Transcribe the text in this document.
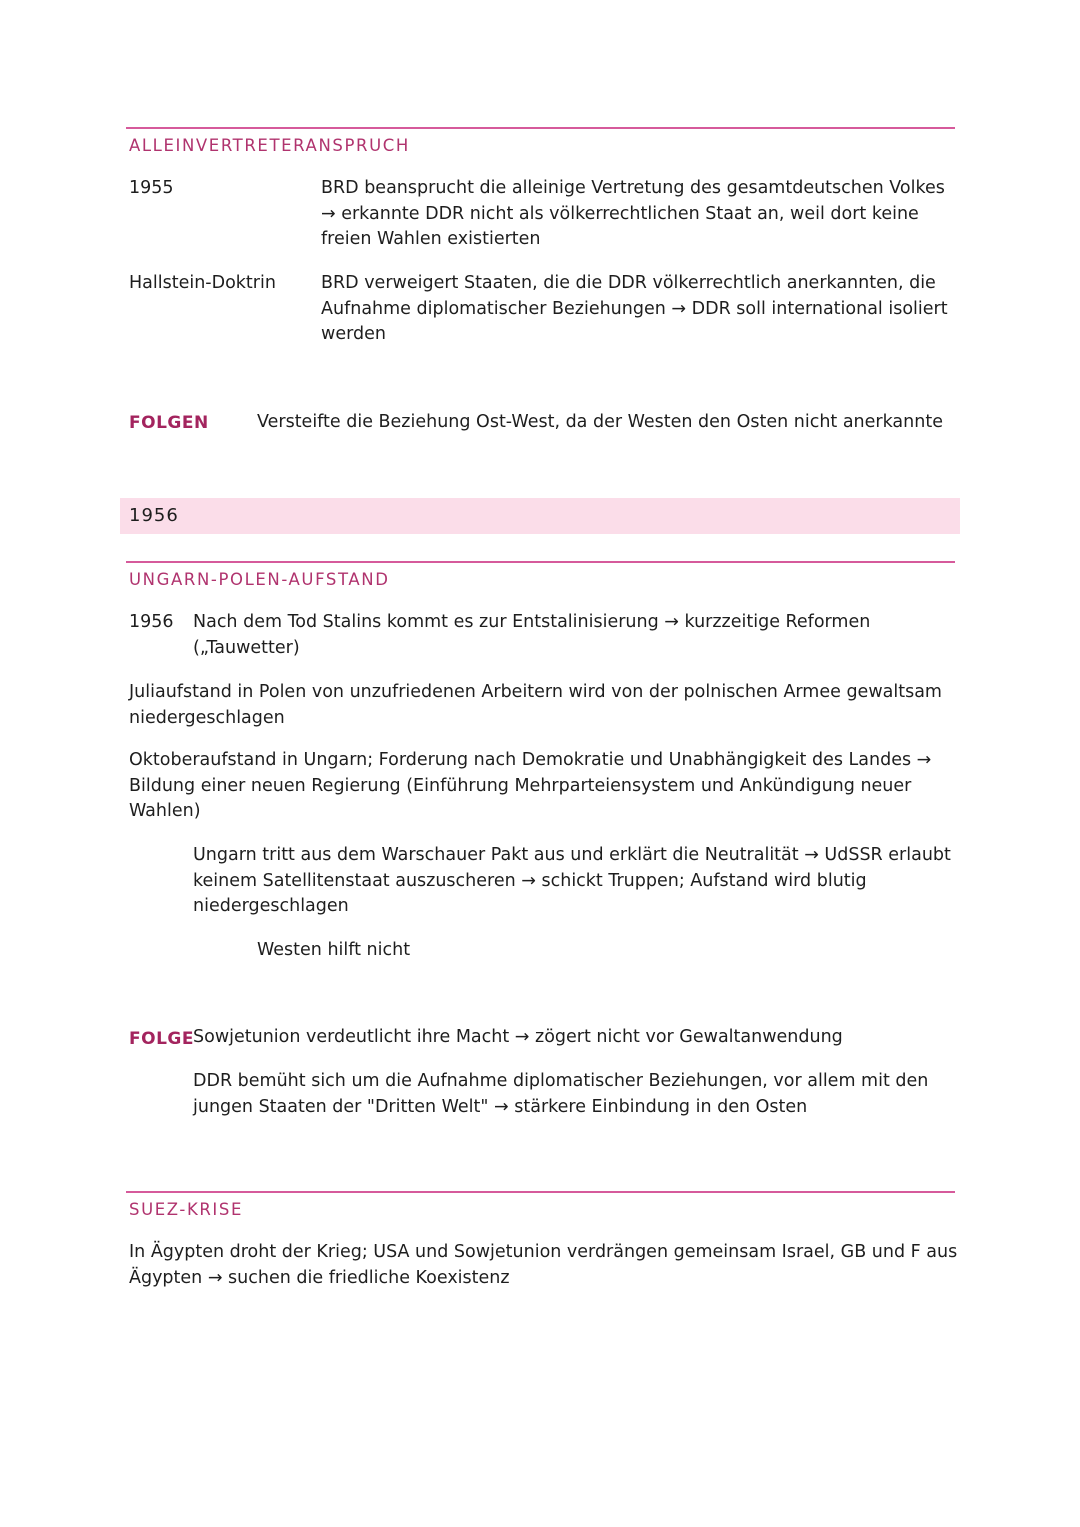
ALLEINVERTRETERANSPRUCH
1955	BRD beansprucht die alleinige Vertretung des gesamtdeutschen Volkes
→ erkannte DDR nicht als völkerrechtlichen Staat an, weil dort keine
freien Wahlen existierten
Hallstein-Doktrin	BRD verweigert Staaten, die die DDR völkerrechtlich anerkannten, die
Aufnahme diplomatischer Beziehungen → DDR soll international isoliert
werden
FOLGEN	Versteifte die Beziehung Ost-West, da der Westen den Osten nicht anerkannte
1956
UNGARN-POLEN-AUFSTAND
1956 Nach dem Tod Stalins kommt es zur Entstalinisierung → kurzzeitige Reformen
(„Tauwetter)
Juliaufstand in Polen von unzufriedenen Arbeitern wird von der polnischen Armee gewaltsam
niedergeschlagen
Oktoberaufstand in Ungarn; Forderung nach Demokratie und Unabhängigkeit des Landes →
Bildung einer neuen Regierung (Einführung Mehrparteiensystem und Ankündigung neuer
Wahlen)
Ungarn tritt aus dem Warschauer Pakt aus und erklärt die Neutralität → UdSSR erlaubt
keinem Satellitenstaat auszuscheren → schickt Truppen; Aufstand wird blutig
niedergeschlagen
Westen hilft nicht
FOLGE Sowjetunion verdeutlicht ihre Macht → zögert nicht vor Gewaltanwendung
DDR bemüht sich um die Aufnahme diplomatischer Beziehungen, vor allem mit den
jungen Staaten der "Dritten Welt" → stärkere Einbindung in den Osten
SUEZ-KRISE
In Ägypten droht der Krieg; USA und Sowjetunion verdrängen gemeinsam Israel, GB und F aus
Ägypten → suchen die friedliche Koexistenz
